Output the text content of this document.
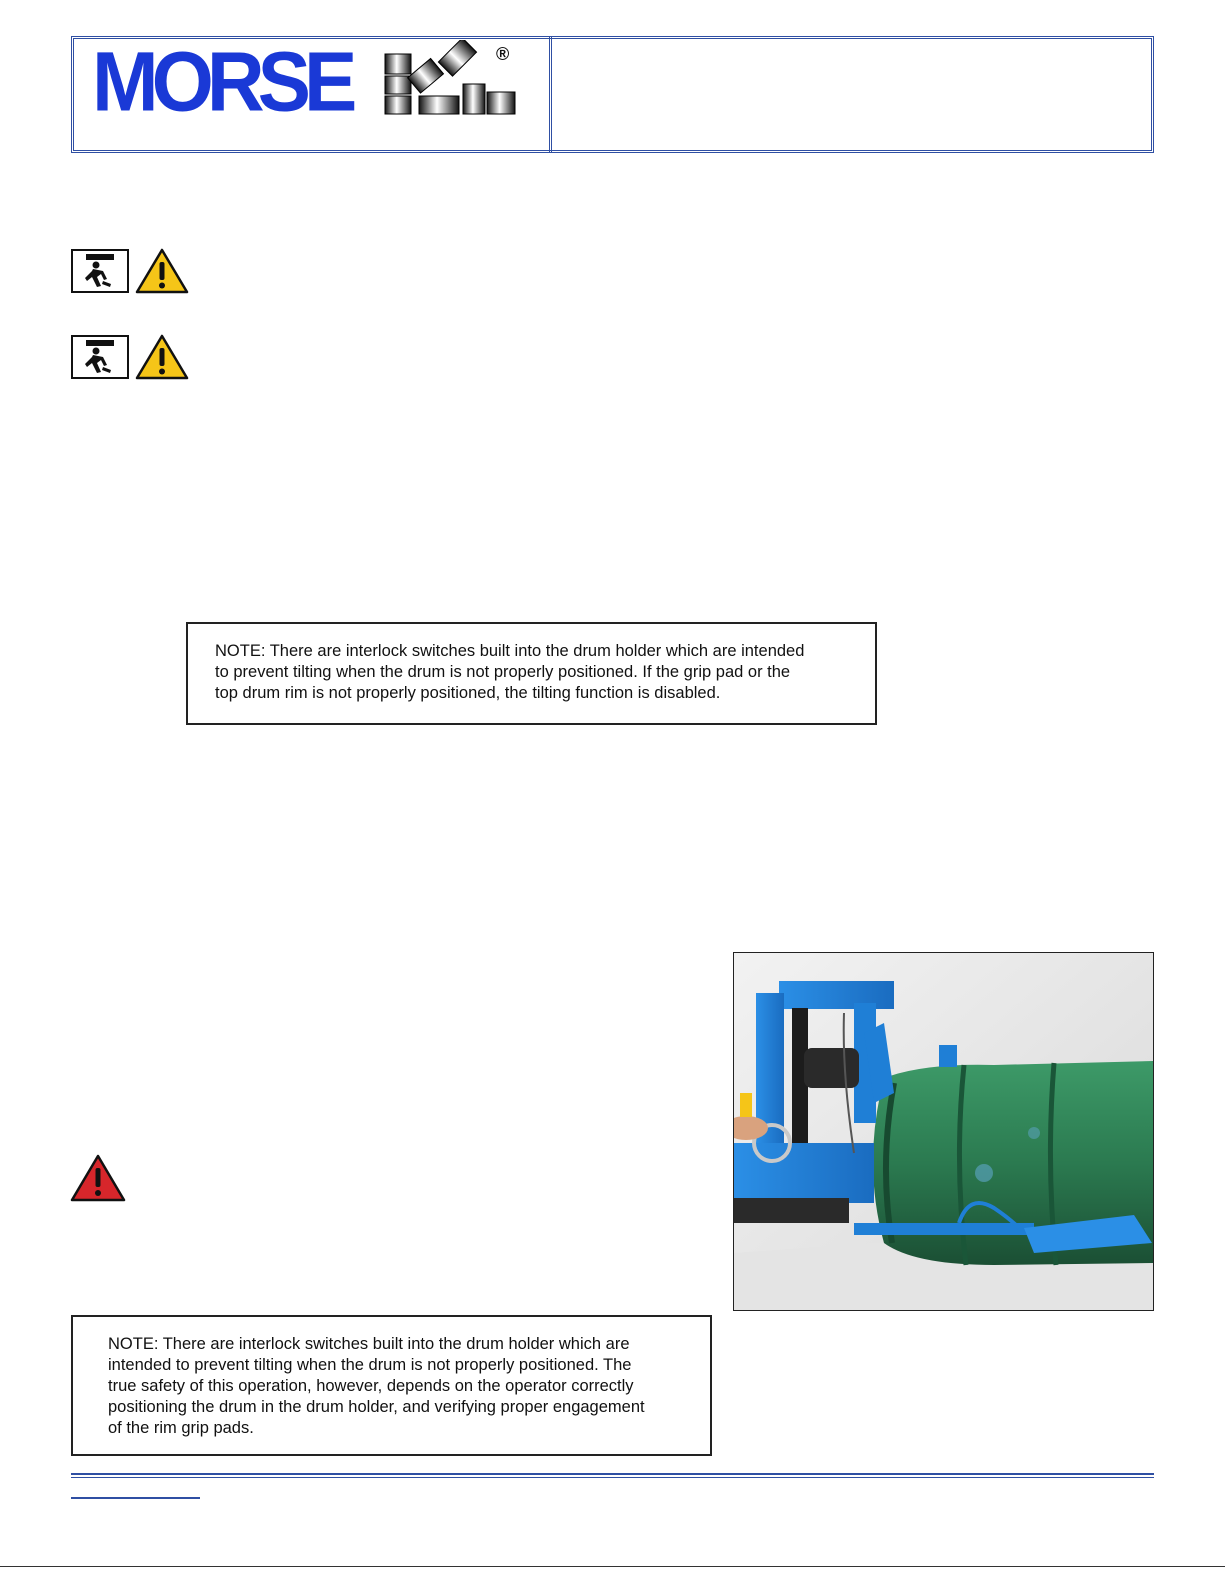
MORSE	®

NOTE: There are interlock switches built into the drum holder which are intended

to prevent tilting when the drum is not properly positioned. If the grip pad or the

top drum rim is not properly positioned, the tilting function is disabled.

NOTE: There are interlock switches built into the drum holder which are

intended to prevent tilting when the drum is not properly positioned. The

true safety of this operation, however, depends on the operator correctly

positioning the drum in the drum holder, and verifying proper engagement

of the rim grip pads.
